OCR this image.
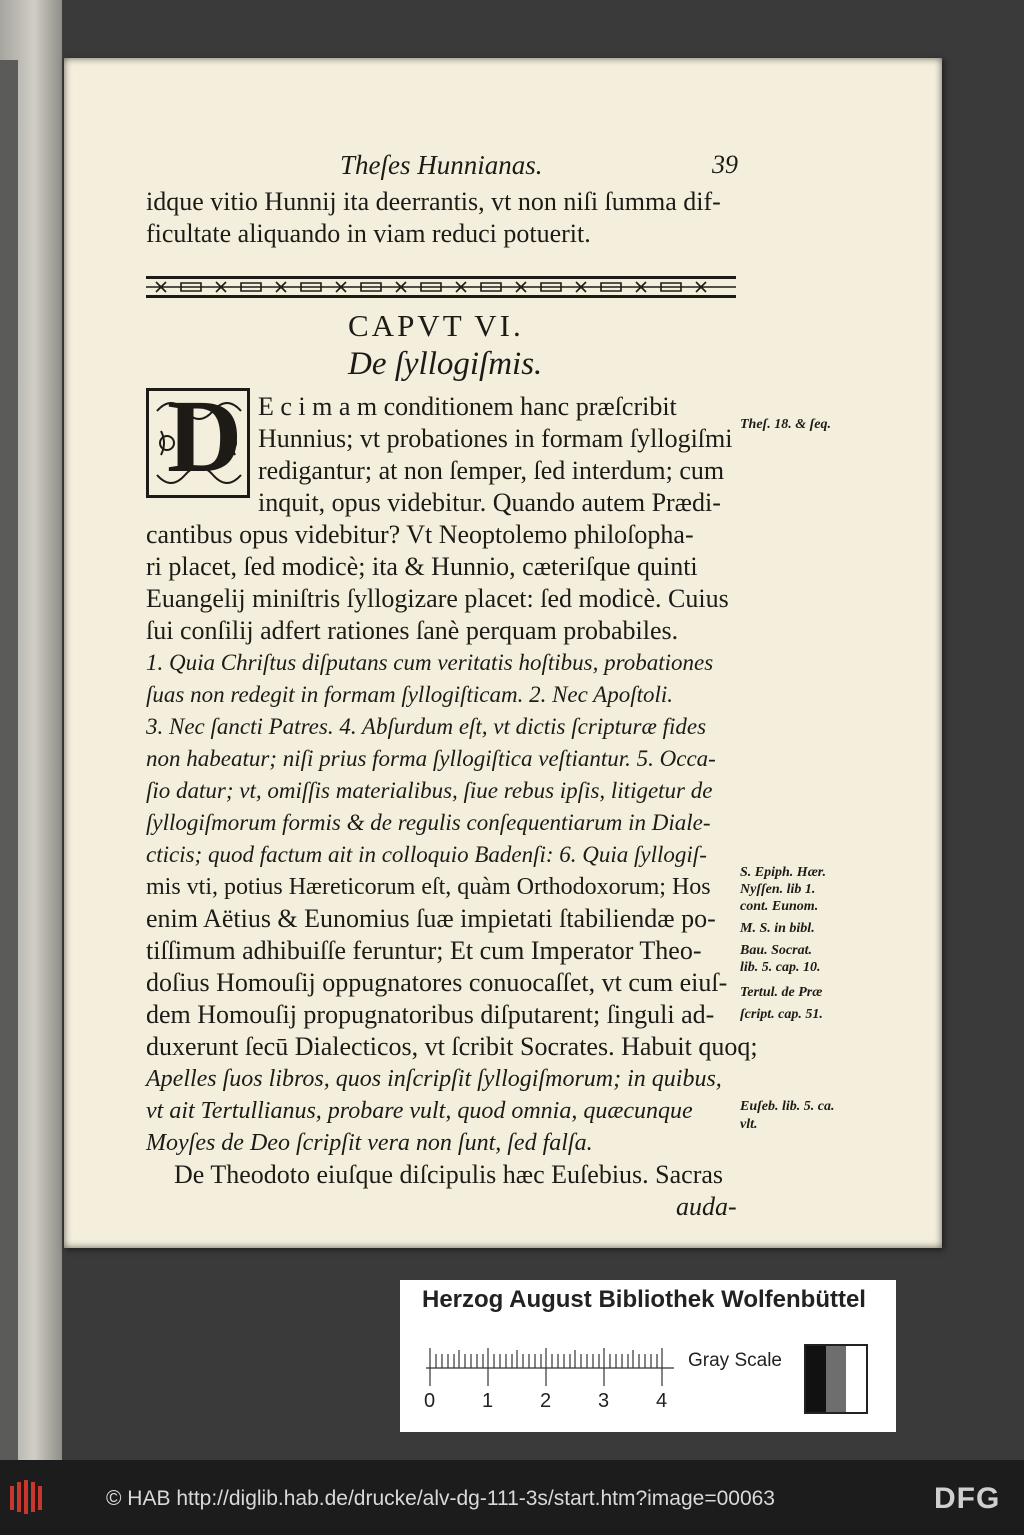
Theſes Hunnianas.	39
idque vitio Hunnij ita deerrantis, vt non niſi ſumma dif-
ficultate aliquando in viam reduci potuerit.
CAPVT VI.
De ſyllogiſmis.
D E c i m a m conditionem hanc præſcribit
Hunnius; vt probationes in formam ſyllogiſmi
redigantur; at non ſemper, ſed interdum; cum
inquit, opus videbitur. Quando autem Prædi-
cantibus opus videbitur? Vt Neoptolemo philoſopha-
ri placet, ſed modicè; ita & Hunnio, cæteriſque quinti
Euangelij miniſtris ſyllogizare placet: ſed modicè. Cuius
ſui conſilij adfert rationes ſanè perquam probabiles.
1. Quia Chriſtus diſputans cum veritatis hoſtibus, probationes
ſuas non redegit in formam ſyllogiſticam. 2. Nec Apoſtoli.
3. Nec ſancti Patres. 4. Abſurdum eſt, vt dictis ſcripturæ fides
non habeatur; niſi prius forma ſyllogiſtica veſtiantur. 5. Occa-
ſio datur; vt, omiſſis materialibus, ſiue rebus ipſis, litigetur de
ſyllogiſmorum formis & de regulis conſequentiarum in Diale-
cticis; quod factum ait in colloquio Badenſi: 6. Quia ſyllogiſ-
mis vti, potius Hæreticorum eſt, quàm Orthodoxorum; Hos
enim Aëtius & Eunomius ſuæ impietati ſtabiliendæ po-
tiſſimum adhibuiſſe feruntur; Et cum Imperator Theo-
doſius Homouſij oppugnatores conuocaſſet, vt cum eiuſ-
dem Homouſij propugnatoribus diſputarent; ſinguli ad-
duxerunt ſecū Dialecticos, vt ſcribit Socrates. Habuit quoq;
Apelles ſuos libros, quos inſcripſit ſyllogiſmorum; in quibus,
vt ait Tertullianus, probare vult, quod omnia, quæcunque
Moyſes de Deo ſcripſit vera non ſunt, ſed falſa.
De Theodoto eiuſque diſcipulis hæc Euſebius. Sacras
auda-
Theſ. 18. & ſeq.
S. Epiph. Hær.
Nyſſen. lib 1.
cont. Eunom.
M. S. in bibl.
Bau. Socrat.
lib. 5. cap. 10.
Tertul. de Præ
ſcript. cap. 51.
Euſeb. lib. 5. ca.
vlt.
Herzog August Bibliothek Wolfenbüttel
0 1 2 3 4
Gray Scale
© HAB http://diglib.hab.de/drucke/alv-dg-111-3s/start.htm?image=00063	DFG
